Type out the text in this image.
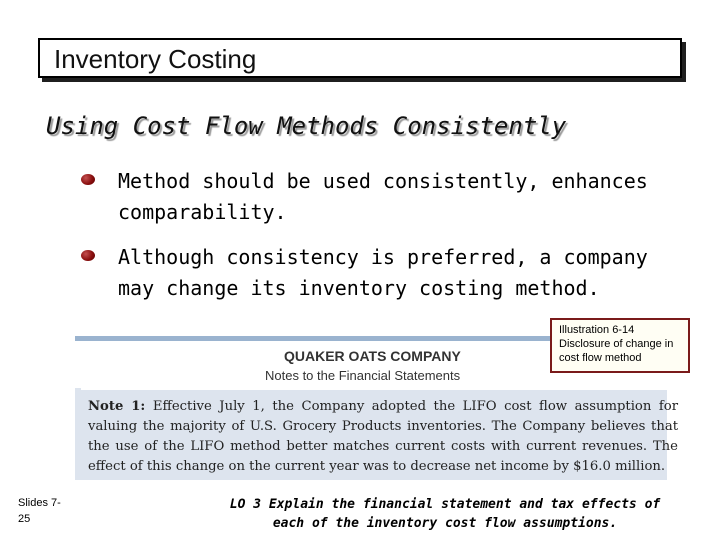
Inventory Costing
Using Cost Flow Methods Consistently
Method should be used consistently, enhances comparability.
Although consistency is preferred, a company may change its inventory costing method.
QUAKER OATS COMPANY
Notes to the Financial Statements
Note 1: Effective July 1, the Company adopted the LIFO cost flow assumption for valuing the majority of U.S. Grocery Products inventories. The Company believes that the use of the LIFO method better matches current costs with current revenues. The effect of this change on the current year was to decrease net income by $16.0 million.
Illustration 6-14
Disclosure of change in
cost flow method
Slides 7-
25
LO 3 Explain the financial statement and tax effects of
each of the inventory cost flow assumptions.
